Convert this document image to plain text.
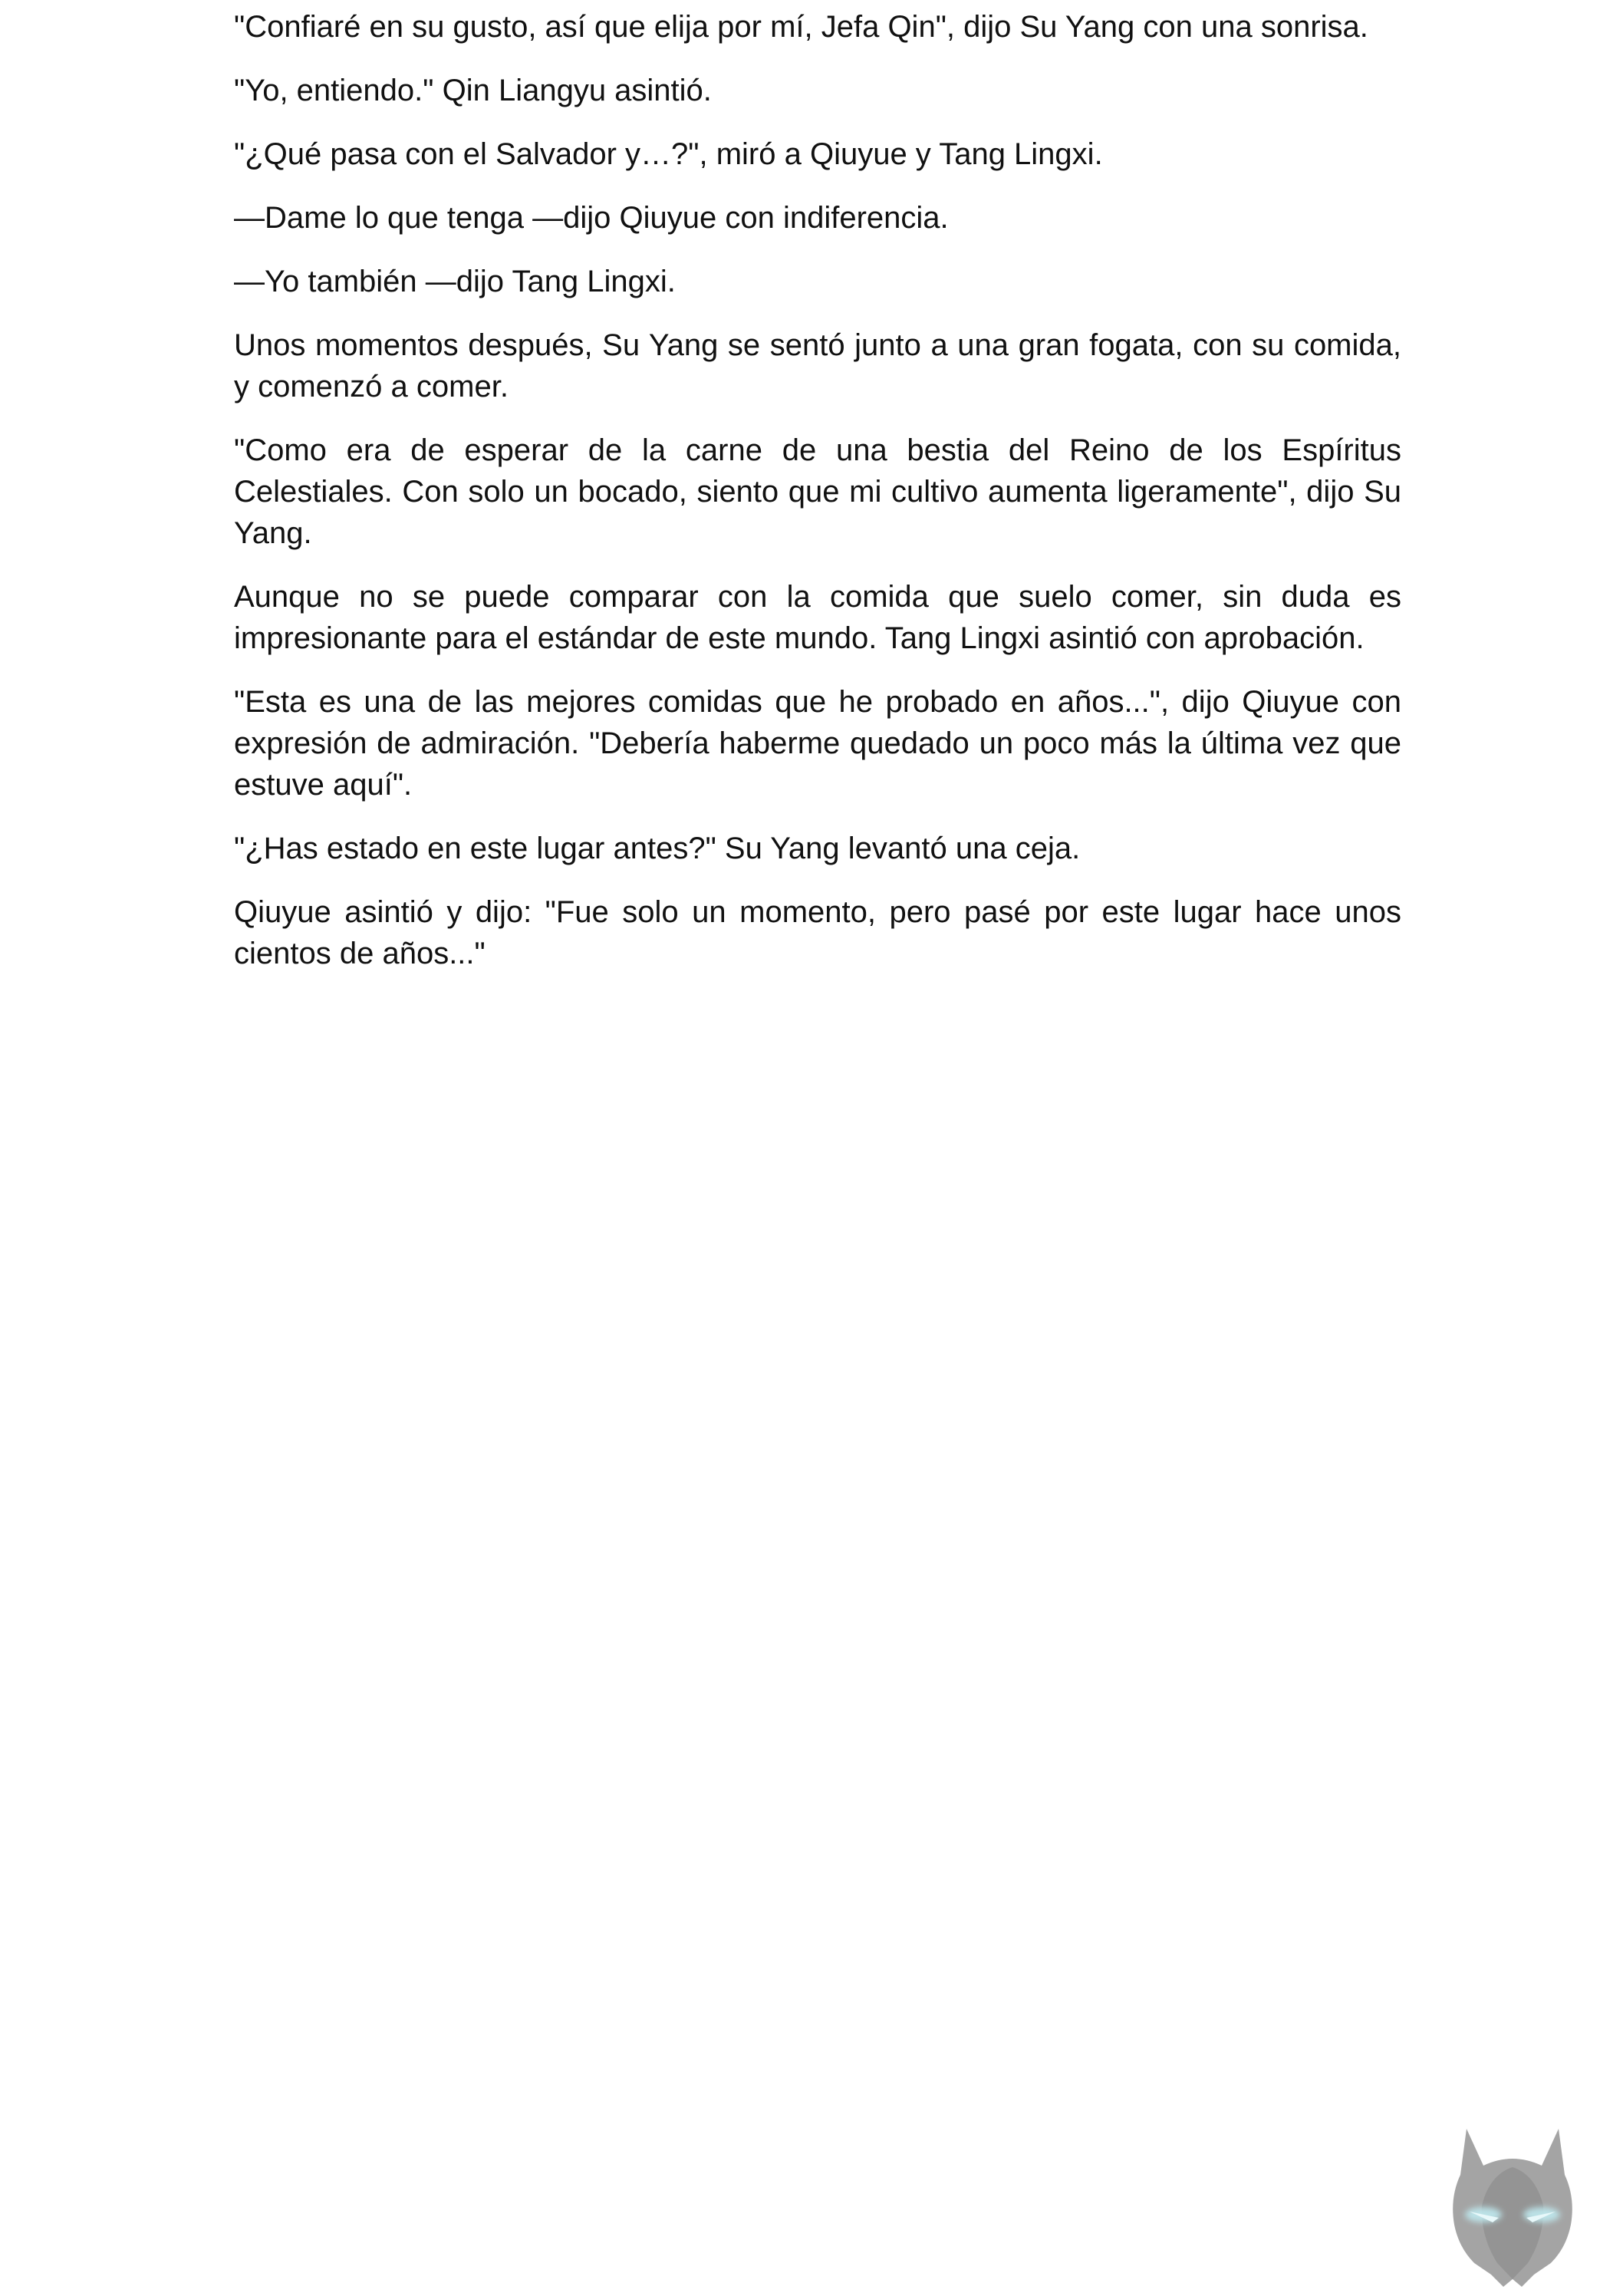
"Confiaré en su gusto, así que elija por mí, Jefa Qin", dijo Su Yang con una sonrisa.

"Yo, entiendo." Qin Liangyu asintió.

"¿Qué pasa con el Salvador y…?", miró a Qiuyue y Tang Lingxi.

—Dame lo que tenga —dijo Qiuyue con indiferencia.

—Yo también —dijo Tang Lingxi.

Unos momentos después, Su Yang se sentó junto a una gran fogata, con su comida, y comenzó a comer.

"Como era de esperar de la carne de una bestia del Reino de los Espíritus Celestiales. Con solo un bocado, siento que mi cultivo aumenta ligeramente", dijo Su Yang.

Aunque no se puede comparar con la comida que suelo comer, sin duda es impresionante para el estándar de este mundo. Tang Lingxi asintió con aprobación.

"Esta es una de las mejores comidas que he probado en años...", dijo Qiuyue con expresión de admiración. "Debería haberme quedado un poco más la última vez que estuve aquí".

"¿Has estado en este lugar antes?" Su Yang levantó una ceja.

Qiuyue asintió y dijo: "Fue solo un momento, pero pasé por este lugar hace unos cientos de años..."
